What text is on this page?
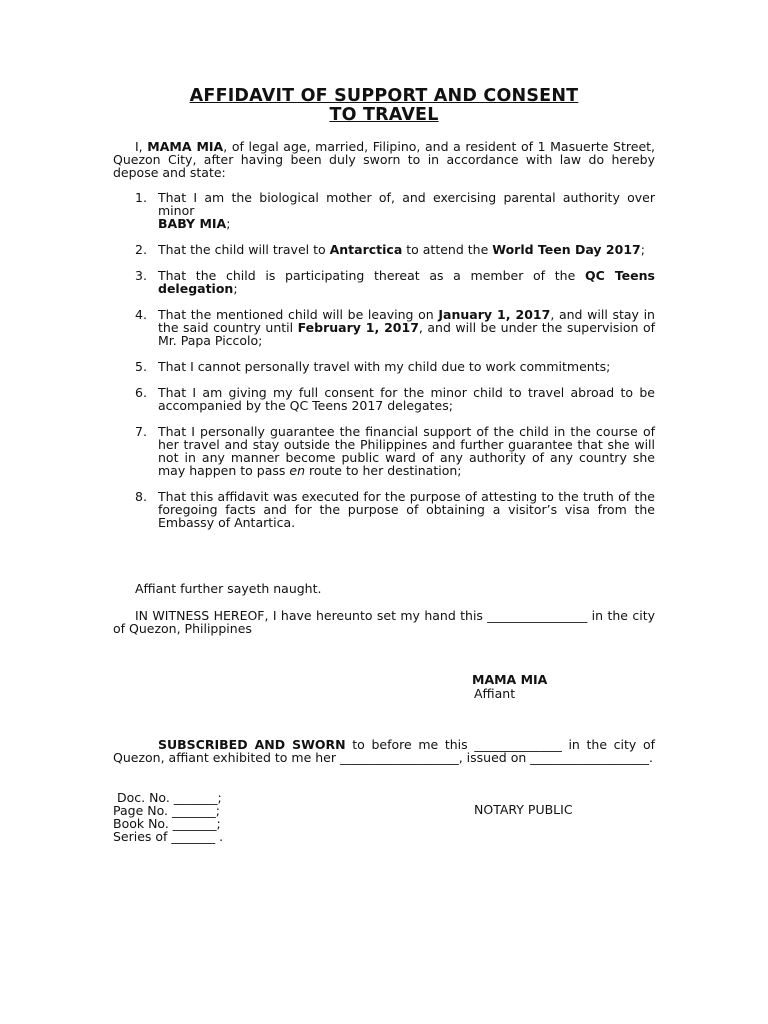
AFFIDAVIT OF SUPPORT AND CONSENT
TO TRAVEL
I, MAMA MIA, of legal age, married, Filipino, and a resident of 1 Masuerte Street, Quezon City, after having been duly sworn to in accordance with law do hereby depose and state:
1. That I am the biological mother of, and exercising parental authority over minor
BABY MIA;
2. That the child will travel to Antarctica to attend the World Teen Day 2017;
3. That the child is participating thereat as a member of the QC Teens delegation;
4. That the mentioned child will be leaving on January 1, 2017, and will stay in the said country until February 1, 2017, and will be under the supervision of Mr. Papa Piccolo;
5. That I cannot personally travel with my child due to work commitments;
6. That I am giving my full consent for the minor child to travel abroad to be accompanied by the QC Teens 2017 delegates;
7. That I personally guarantee the financial support of the child in the course of her travel and stay outside the Philippines and further guarantee that she will not in any manner become public ward of any authority of any country she may happen to pass en route to her destination;
8. That this affidavit was executed for the purpose of attesting to the truth of the foregoing facts and for the purpose of obtaining a visitor’s visa from the Embassy of Antartica.
Affiant further sayeth naught.
IN WITNESS HEREOF, I have hereunto set my hand this ________________ in the city of Quezon, Philippines
MAMA MIA
Affiant
SUBSCRIBED AND SWORN to before me this ______________ in the city of Quezon, affiant exhibited to me her ___________________, issued on ___________________.
Doc. No. _______;
Page No. _______;
Book No. _______;
Series of _______ .
NOTARY PUBLIC
